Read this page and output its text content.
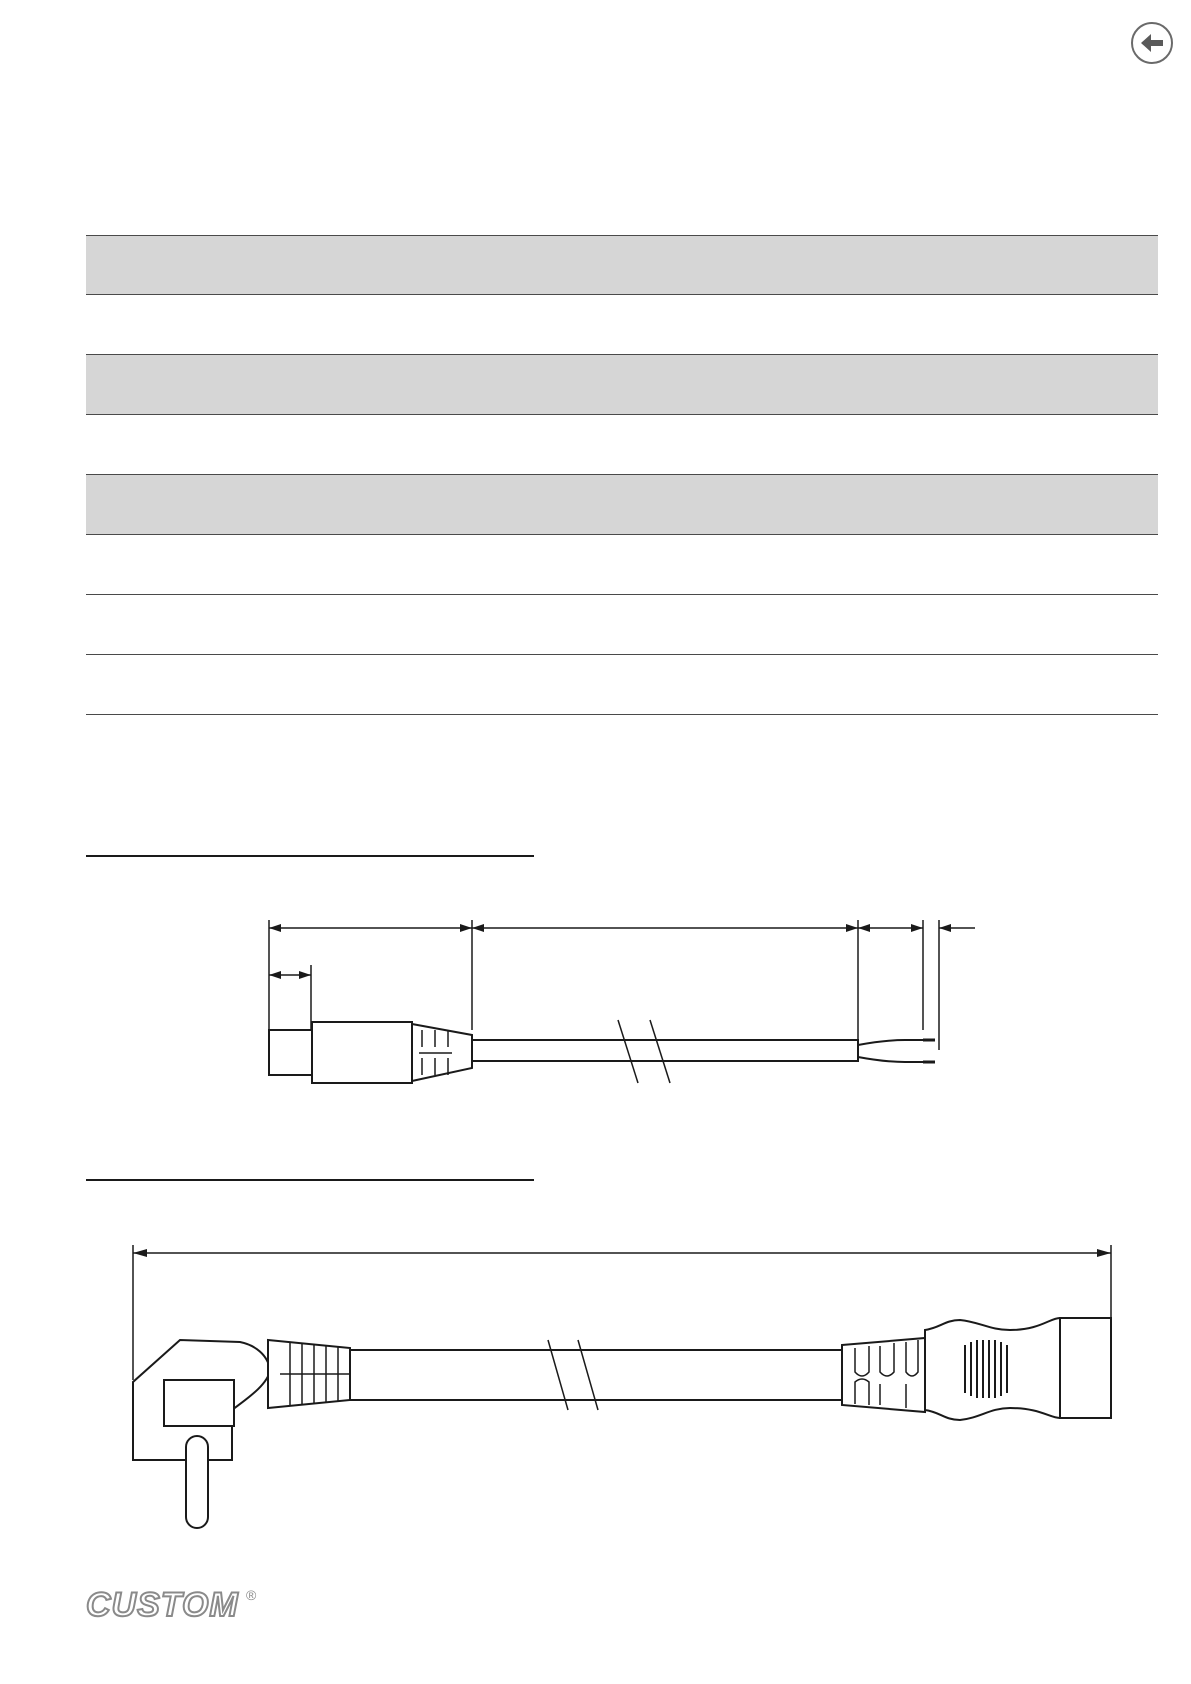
CUSTOM ®
